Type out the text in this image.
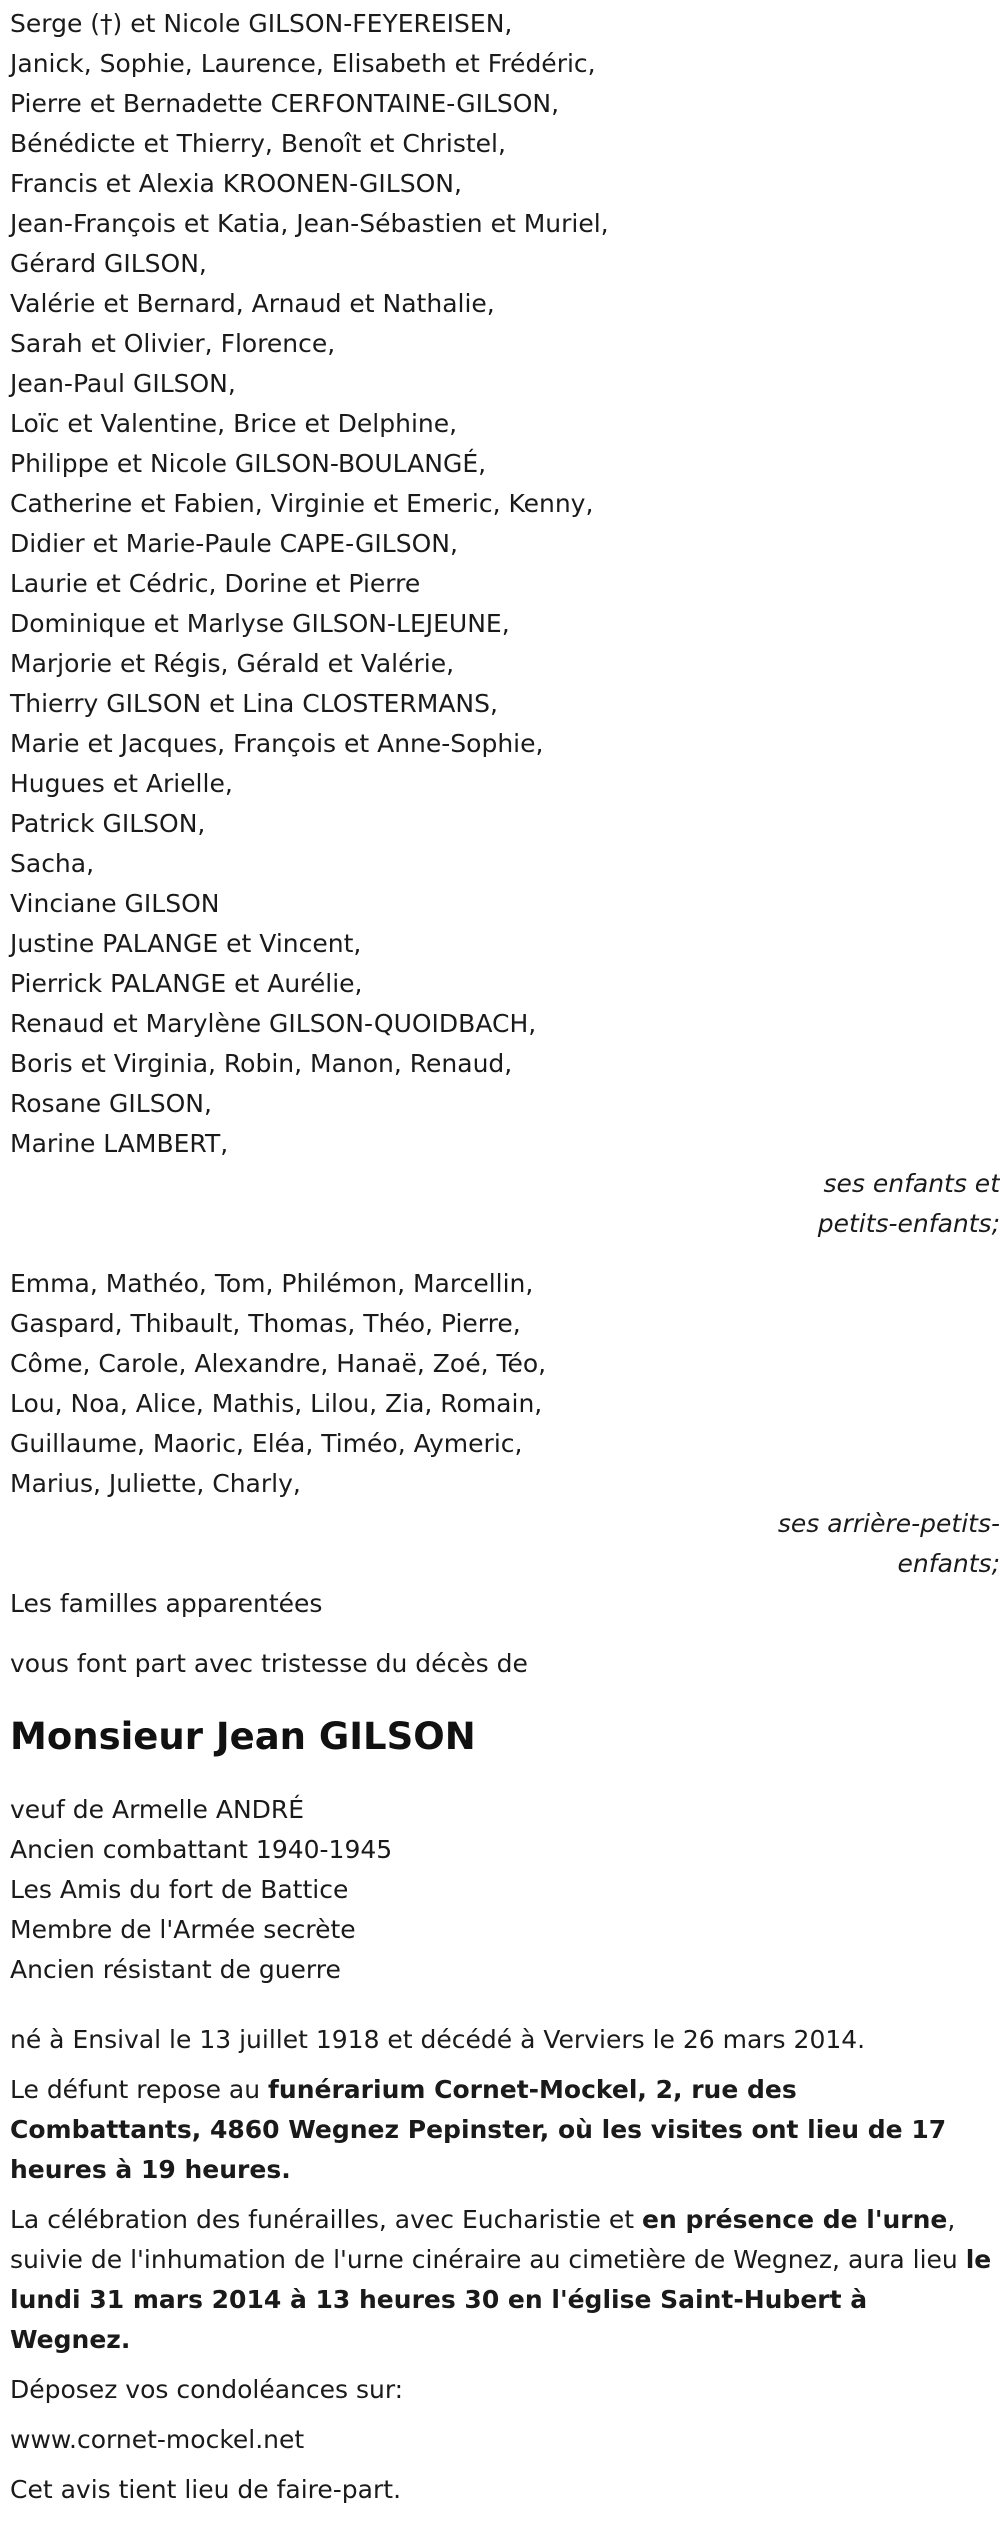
Serge (†) et Nicole GILSON-FEYEREISEN,
Janick, Sophie, Laurence, Elisabeth et Frédéric,
Pierre et Bernadette CERFONTAINE-GILSON,
Bénédicte et Thierry, Benoît et Christel,
Francis et Alexia KROONEN-GILSON,
Jean-François et Katia, Jean-Sébastien et Muriel,
Gérard GILSON,
Valérie et Bernard, Arnaud et Nathalie,
Sarah et Olivier, Florence,
Jean-Paul GILSON,
Loïc et Valentine, Brice et Delphine,
Philippe et Nicole GILSON-BOULANGÉ,
Catherine et Fabien, Virginie et Emeric, Kenny,
Didier et Marie-Paule CAPE-GILSON,
Laurie et Cédric, Dorine et Pierre
Dominique et Marlyse GILSON-LEJEUNE,
Marjorie et Régis, Gérald et Valérie,
Thierry GILSON et Lina CLOSTERMANS,
Marie et Jacques, François et Anne-Sophie,
Hugues et Arielle,
Patrick GILSON,
Sacha,
Vinciane GILSON
Justine PALANGE et Vincent,
Pierrick PALANGE et Aurélie,
Renaud et Marylène GILSON-QUOIDBACH,
Boris et Virginia, Robin, Manon, Renaud,
Rosane GILSON,
Marine LAMBERT,
ses enfants et
petits-enfants;
Emma, Mathéo, Tom, Philémon, Marcellin,
Gaspard, Thibault, Thomas, Théo, Pierre,
Côme, Carole, Alexandre, Hanaë, Zoé, Téo,
Lou, Noa, Alice, Mathis, Lilou, Zia, Romain,
Guillaume, Maoric, Eléa, Timéo, Aymeric,
Marius, Juliette, Charly,
ses arrière-petits-
enfants;
Les familles apparentées
vous font part avec tristesse du décès de
Monsieur Jean GILSON
veuf de Armelle ANDRÉ
Ancien combattant 1940-1945
Les Amis du fort de Battice
Membre de l'Armée secrète
Ancien résistant de guerre
né à Ensival le 13 juillet 1918 et décédé à Verviers le 26 mars 2014.
Le défunt repose au funérarium Cornet-Mockel, 2, rue des Combattants, 4860 Wegnez Pepinster, où les visites ont lieu de 17 heures à 19 heures.
La célébration des funérailles, avec Eucharistie et en présence de l'urne, suivie de l'inhumation de l'urne cinéraire au cimetière de Wegnez, aura lieu le lundi 31 mars 2014 à 13 heures 30 en l'église Saint-Hubert à Wegnez.
Déposez vos condoléances sur:
www.cornet-mockel.net
Cet avis tient lieu de faire-part.
